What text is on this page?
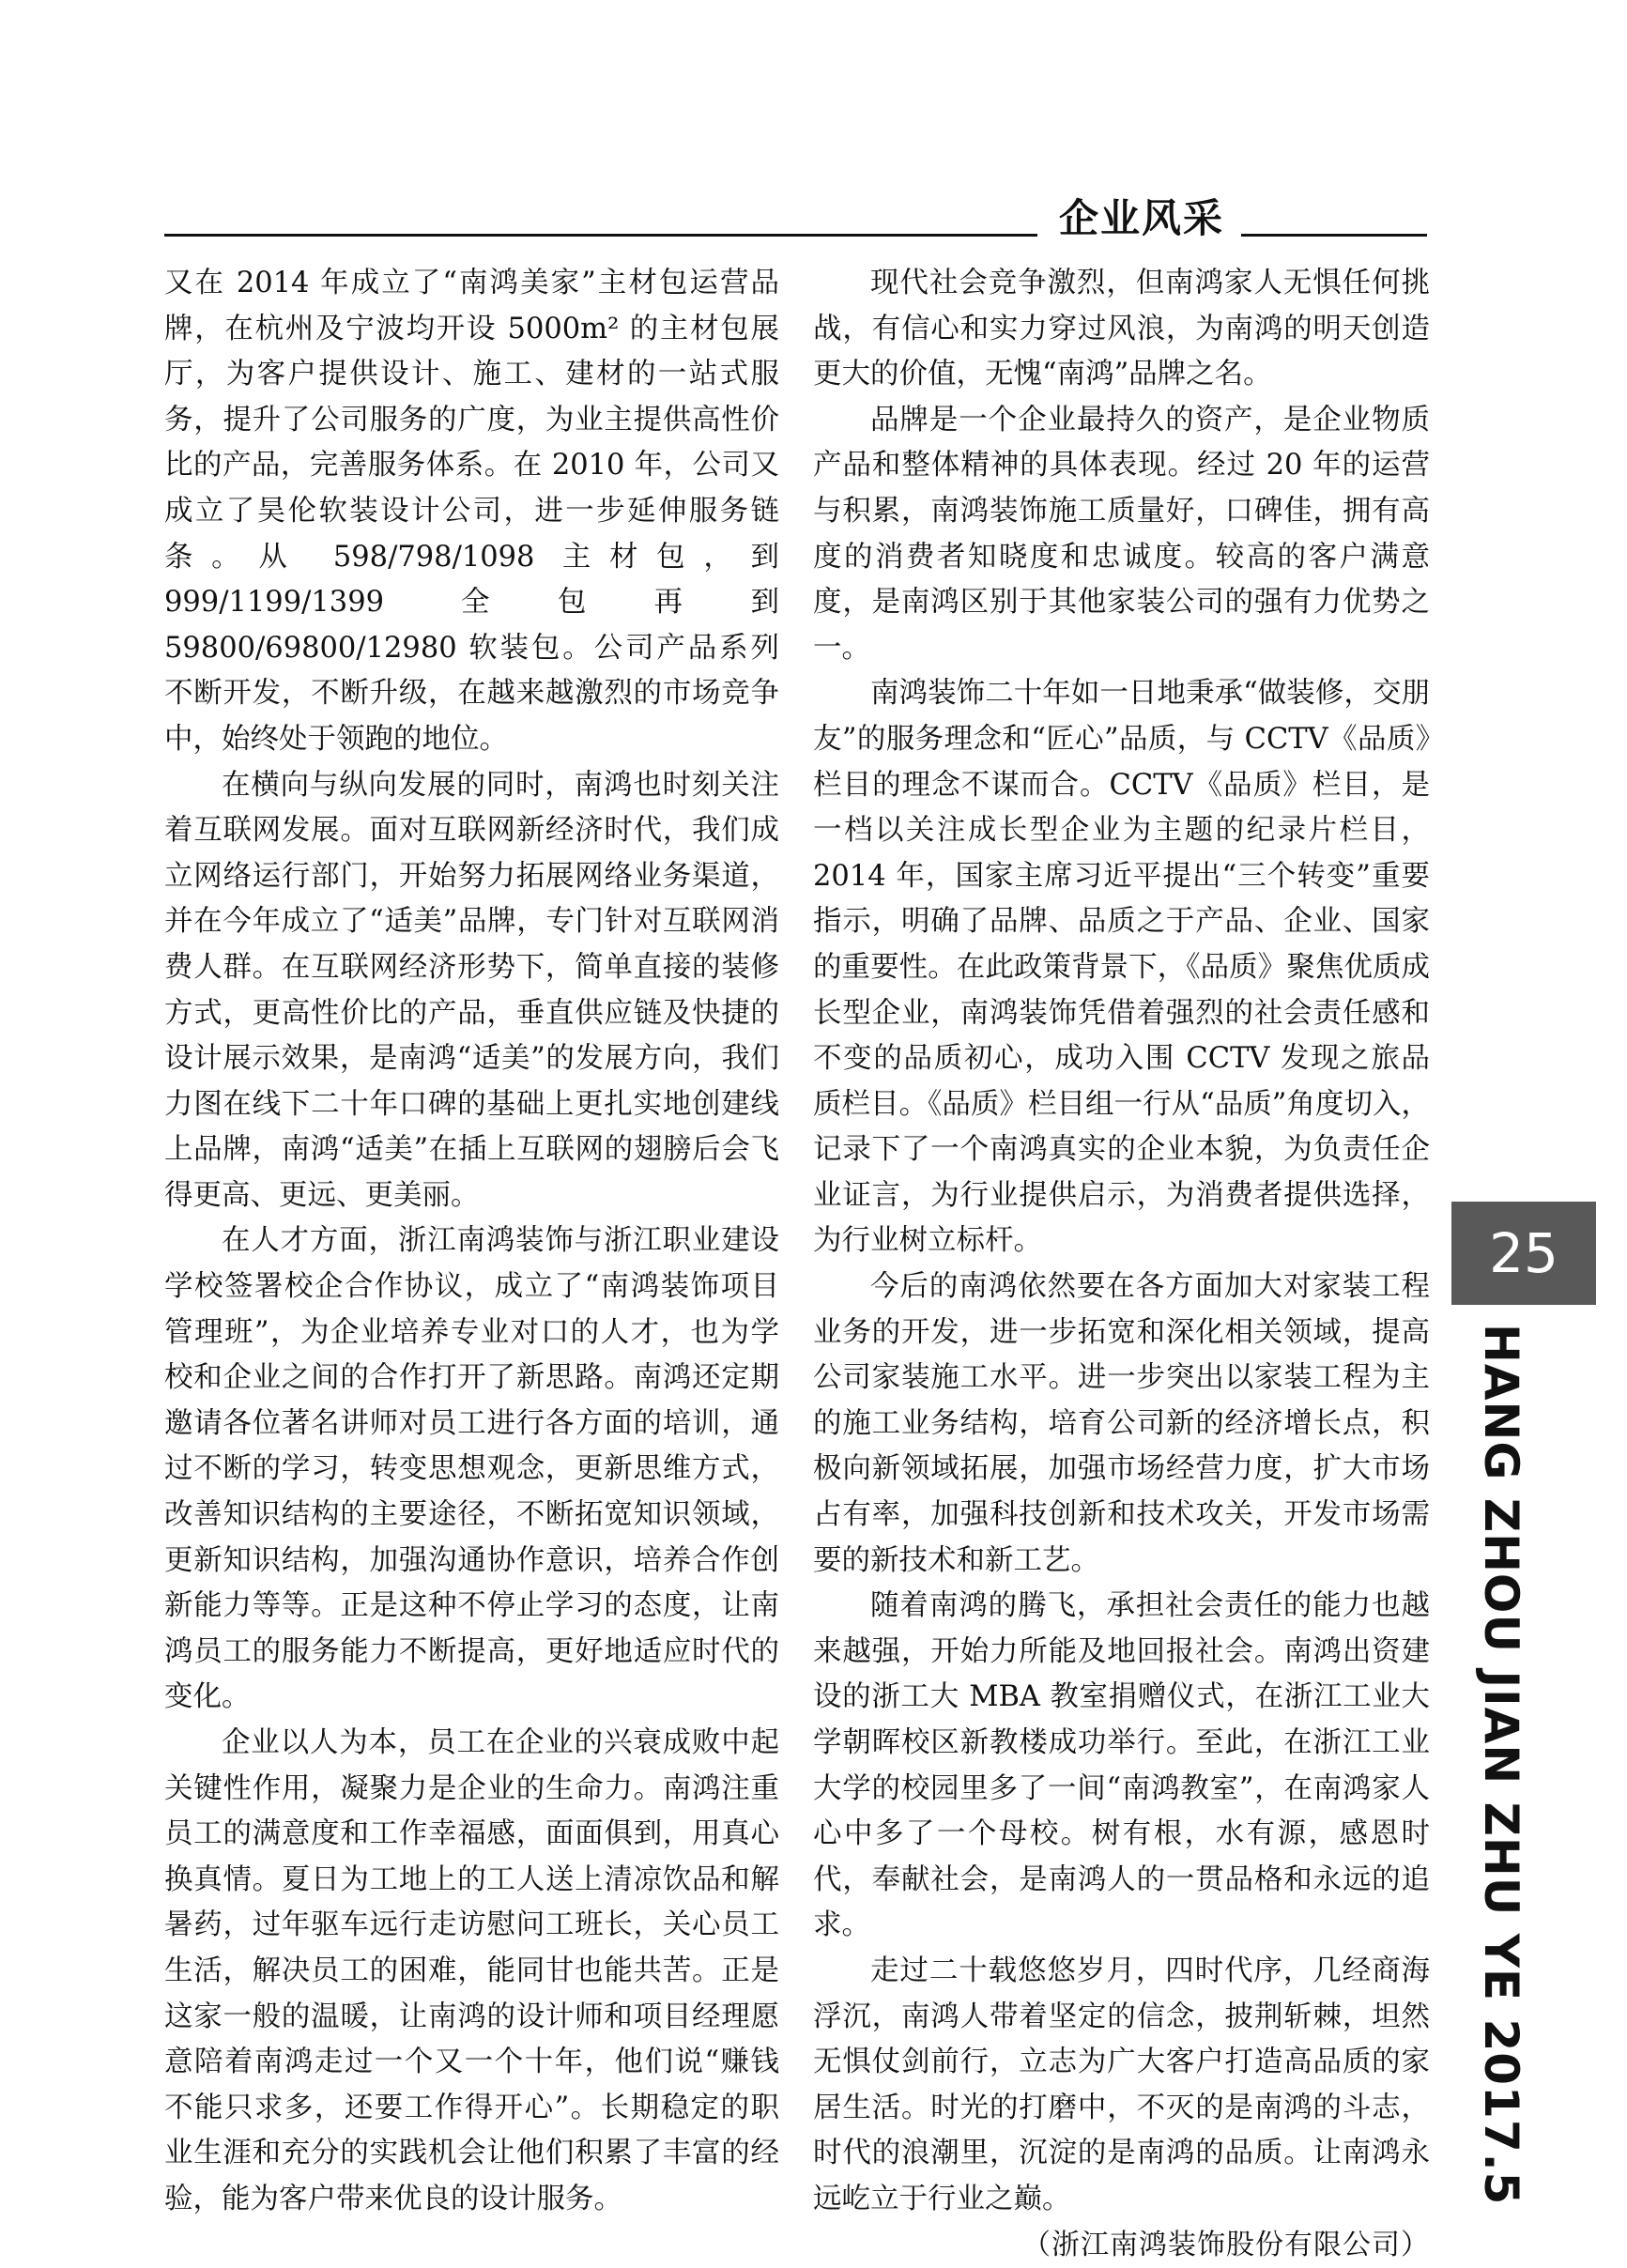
企业风采

又在 2014 年成立了“南鸿美家”主材包运营品牌，在杭州及宁波均开设 5000m² 的主材包展厅，为客户提供设计、施工、建材的一站式服务，提升了公司服务的广度，为业主提供高性价比的产品，完善服务体系。在 2010 年，公司又成立了昊伦软装设计公司，进一步延伸服务链条。从 598/798/1098 主材包，到 999/1199/1399 全包再到 59800/69800/12980 软装包。公司产品系列不断开发，不断升级，在越来越激烈的市场竞争中，始终处于领跑的地位。

在横向与纵向发展的同时，南鸿也时刻关注着互联网发展。面对互联网新经济时代，我们成立网络运行部门，开始努力拓展网络业务渠道，并在今年成立了“适美”品牌，专门针对互联网消费人群。在互联网经济形势下，简单直接的装修方式，更高性价比的产品，垂直供应链及快捷的设计展示效果，是南鸿“适美”的发展方向，我们力图在线下二十年口碑的基础上更扎实地创建线上品牌，南鸿“适美”在插上互联网的翅膀后会飞得更高、更远、更美丽。

在人才方面，浙江南鸿装饰与浙江职业建设学校签署校企合作协议，成立了“南鸿装饰项目管理班”，为企业培养专业对口的人才，也为学校和企业之间的合作打开了新思路。南鸿还定期邀请各位著名讲师对员工进行各方面的培训，通过不断的学习，转变思想观念，更新思维方式，改善知识结构的主要途径，不断拓宽知识领域，更新知识结构，加强沟通协作意识，培养合作创新能力等等。正是这种不停止学习的态度，让南鸿员工的服务能力不断提高，更好地适应时代的变化。

企业以人为本，员工在企业的兴衰成败中起关键性作用，凝聚力是企业的生命力。南鸿注重员工的满意度和工作幸福感，面面俱到，用真心换真情。夏日为工地上的工人送上清凉饮品和解暑药，过年驱车远行走访慰问工班长，关心员工生活，解决员工的困难，能同甘也能共苦。正是这家一般的温暖，让南鸿的设计师和项目经理愿意陪着南鸿走过一个又一个十年，他们说“赚钱不能只求多，还要工作得开心”。长期稳定的职业生涯和充分的实践机会让他们积累了丰富的经验，能为客户带来优良的设计服务。

现代社会竞争激烈，但南鸿家人无惧任何挑战，有信心和实力穿过风浪，为南鸿的明天创造更大的价值，无愧“南鸿”品牌之名。

品牌是一个企业最持久的资产，是企业物质产品和整体精神的具体表现。经过 20 年的运营与积累，南鸿装饰施工质量好，口碑佳，拥有高度的消费者知晓度和忠诚度。较高的客户满意度，是南鸿区别于其他家装公司的强有力优势之一。

南鸿装饰二十年如一日地秉承“做装修，交朋友”的服务理念和“匠心”品质，与 CCTV《品质》栏目的理念不谋而合。CCTV《品质》栏目，是一档以关注成长型企业为主题的纪录片栏目，2014 年，国家主席习近平提出“三个转变”重要指示，明确了品牌、品质之于产品、企业、国家的重要性。在此政策背景下，《品质》聚焦优质成长型企业，南鸿装饰凭借着强烈的社会责任感和不变的品质初心，成功入围 CCTV 发现之旅品质栏目。《品质》栏目组一行从“品质”角度切入，记录下了一个南鸿真实的企业本貌，为负责任企业证言，为行业提供启示，为消费者提供选择，为行业树立标杆。

今后的南鸿依然要在各方面加大对家装工程业务的开发，进一步拓宽和深化相关领域，提高公司家装施工水平。进一步突出以家装工程为主的施工业务结构，培育公司新的经济增长点，积极向新领域拓展，加强市场经营力度，扩大市场占有率，加强科技创新和技术攻关，开发市场需要的新技术和新工艺。

随着南鸿的腾飞，承担社会责任的能力也越来越强，开始力所能及地回报社会。南鸿出资建设的浙工大 MBA 教室捐赠仪式，在浙江工业大学朝晖校区新教楼成功举行。至此，在浙江工业大学的校园里多了一间“南鸿教室”，在南鸿家人心中多了一个母校。树有根，水有源，感恩时代，奉献社会，是南鸿人的一贯品格和永远的追求。

走过二十载悠悠岁月，四时代序，几经商海浮沉，南鸿人带着坚定的信念，披荆斩棘，坦然无惧仗剑前行，立志为广大客户打造高品质的家居生活。时光的打磨中，不灭的是南鸿的斗志，时代的浪潮里，沉淀的是南鸿的品质。让南鸿永远屹立于行业之巅。

（浙江南鸿装饰股份有限公司）

25
HANG ZHOU JIAN ZHU YE 2017.5
